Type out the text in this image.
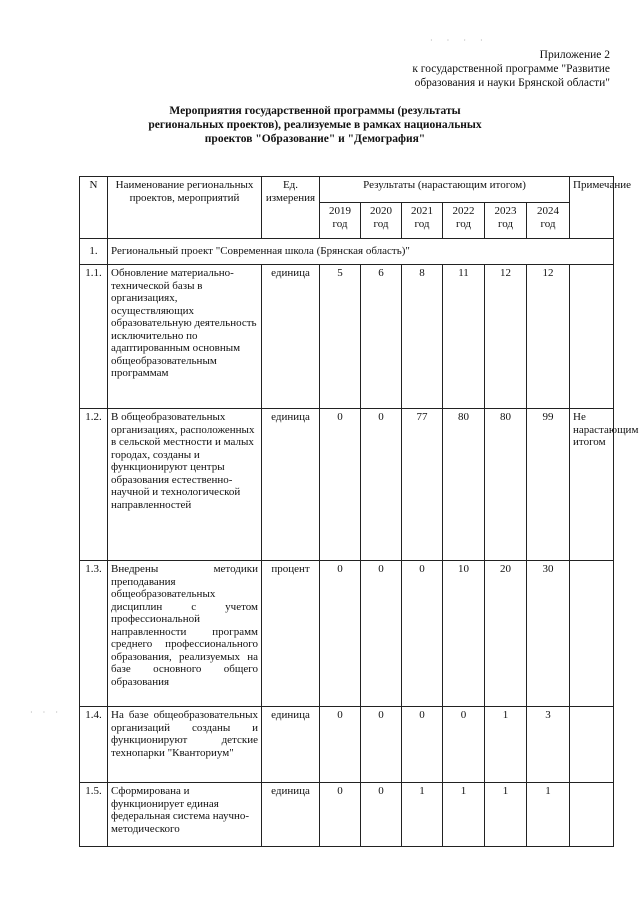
· · · ·
Приложение 2
к государственной программе "Развитие
образования и науки Брянской области"
Мероприятия государственной программы (результаты
региональных проектов), реализуемые в рамках национальных
проектов "Образование" и "Демография"
N	Наименование региональных проектов, мероприятий	Ед. измерения	Результаты (нарастающим итогом)						Примечание
			2019 год	2020 год	2021 год	2022 год	2023 год	2024 год	
1.	Региональный проект "Современная школа (Брянская область)"								
1.1.	Обновление материально-технической базы в организациях, осуществляющих образовательную деятельность исключительно по адаптированным основным общеобразовательным программам	единица	5	6	8	11	12	12	
1.2.	В общеобразовательных организациях, расположенных в сельской местности и малых городах, созданы и функционируют центры образования естественно-научной и технологической направленностей	единица	0	0	77	80	80	99	Не нарастающим итогом
1.3.	Внедрены методики преподавания общеобразовательных дисциплин с учетом профессиональной направленности программ среднего профессионального образования, реализуемых на базе основного общего образования	процент	0	0	0	10	20	30	
1.4.	На базе общеобразовательных организаций созданы и функционируют детские технопарки "Кванториум"	единица	0	0	0	0	1	3	
1.5.	Сформирована и функционирует единая федеральная система научно-методического	единица	0	0	1	1	1	1	
· · ·
